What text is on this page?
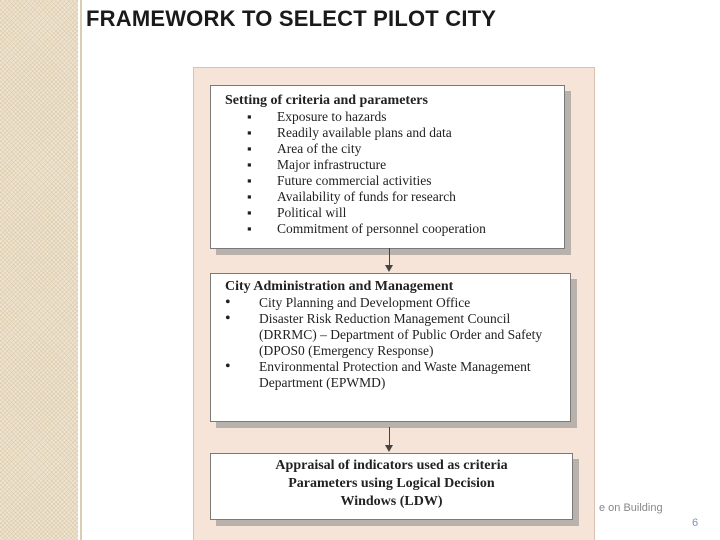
FRAMEWORK TO SELECT PILOT CITY
Setting of criteria and parameters
▪ Exposure to hazards
▪ Readily available plans and data
▪ Area of the city
▪ Major infrastructure
▪ Future commercial activities
▪ Availability of funds for research
▪ Political will
▪ Commitment of personnel cooperation
City Administration and Management
• City Planning and Development Office
• Disaster Risk Reduction Management Council (DRRMC) – Department of Public Order and Safety (DPOS0 (Emergency Response)
• Environmental Protection and Waste Management Department (EPWMD)
Appraisal of indicators used as criteria
Parameters using Logical Decision
Windows (LDW)	e on Building
6
